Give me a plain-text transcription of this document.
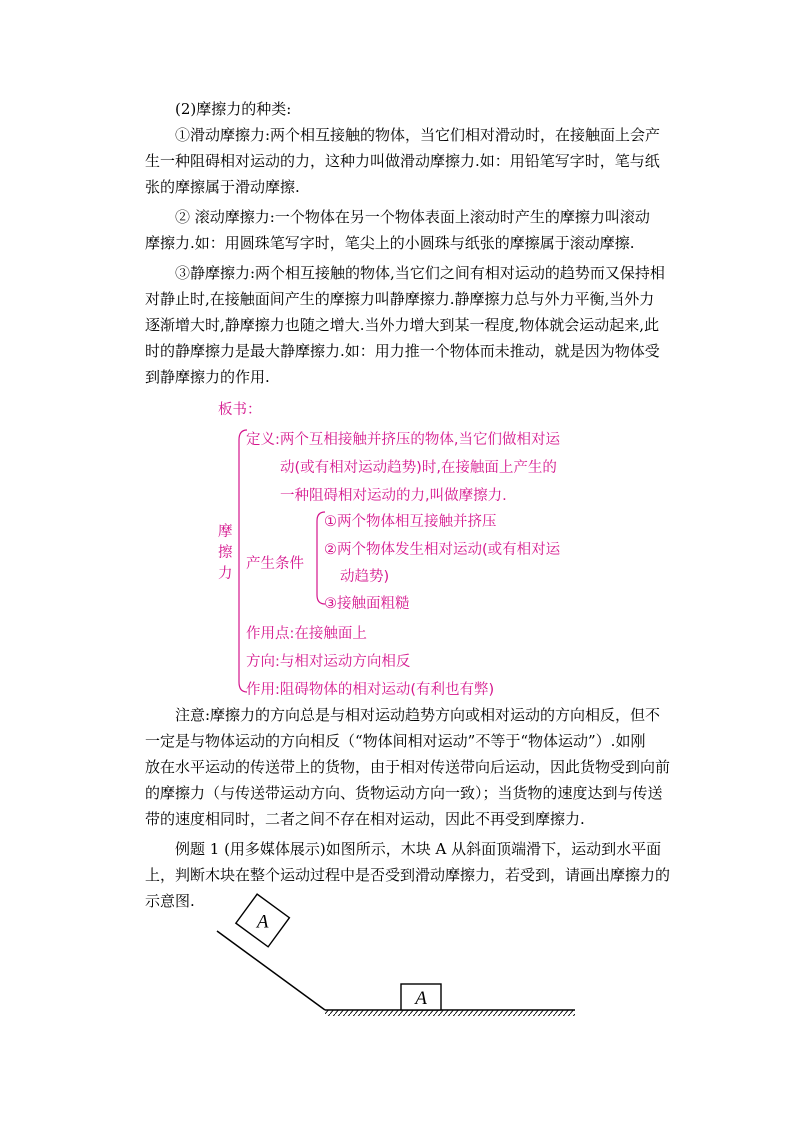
(2)摩擦力的种类:

①滑动摩擦力:两个相互接触的物体，当它们相对滑动时，在接触面上会产
生一种阻碍相对运动的力，这种力叫做滑动摩擦力.如：用铅笔写字时，笔与纸
张的摩擦属于滑动摩擦.

② 滚动摩擦力:一个物体在另一个物体表面上滚动时产生的摩擦力叫滚动
摩擦力.如：用圆珠笔写字时，笔尖上的小圆珠与纸张的摩擦属于滚动摩擦.

③静摩擦力:两个相互接触的物体,当它们之间有相对运动的趋势而又保持相
对静止时,在接触面间产生的摩擦力叫静摩擦力.静摩擦力总与外力平衡,当外力
逐渐增大时,静摩擦力也随之增大.当外力增大到某一程度,物体就会运动起来,此
时的静摩擦力是最大静摩擦力.如：用力推一个物体而未推动，就是因为物体受
到静摩擦力的作用.

板书：
摩擦力
定义:两个互相接触并挤压的物体,当它们做相对运
动(或有相对运动趋势)时,在接触面上产生的
一种阻碍相对运动的力,叫做摩擦力.
产生条件
①两个物体相互接触并挤压
②两个物体发生相对运动(或有相对运
动趋势)
③接触面粗糙
作用点:在接触面上
方向:与相对运动方向相反
作用:阻碍物体的相对运动(有利也有弊)

注意:摩擦力的方向总是与相对运动趋势方向或相对运动的方向相反，但不
一定是与物体运动的方向相反（“物体间相对运动”不等于“物体运动”）.如刚
放在水平运动的传送带上的货物，由于相对传送带向后运动，因此货物受到向前
的摩擦力（与传送带运动方向、货物运动方向一致）；当货物的速度达到与传送
带的速度相同时，二者之间不存在相对运动，因此不再受到摩擦力.

例题 1 (用多媒体展示)如图所示，木块 A 从斜面顶端滑下，运动到水平面
上，判断木块在整个运动过程中是否受到滑动摩擦力，若受到，请画出摩擦力的
示意图.

A
A
